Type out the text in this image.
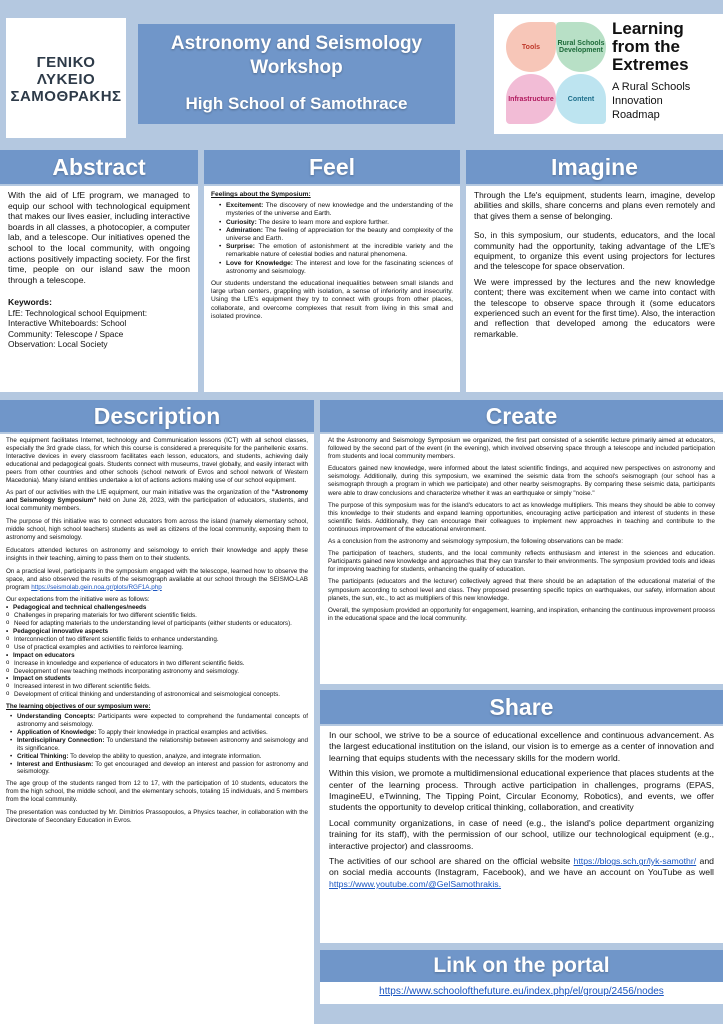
ΓΕΝΙΚΟ
ΛΥΚΕΙΟ
ΣΑΜΟΘΡΑΚΗΣ
Astronomy and Seismology
Workshop
High School of Samothrace
Tools	Rural Schools Development
Infrastructure	Content
Learning
from the
Extremes
A Rural Schools
Innovation
Roadmap
Abstract	Feel	Imagine
With the aid of LfE program, we managed to equip our school with technological equipment that makes our lives easier, including interactive boards in all classes, a photocopier, a computer lab, and a telescope. Our initiatives opened the school to the local community, with ongoing actions positively impacting society. For the first time, people on our island saw the moon through a telescope.
Keywords:
LfE: Technological school Equipment:
Interactive Whiteboards: School
Community: Telescope / Space
Observation: Local Society
Feelings about the Symposium:
• Excitement: The discovery of new knowledge and the understanding of the mysteries of the universe and Earth.
• Curiosity: The desire to learn more and explore further.
• Admiration: The feeling of appreciation for the beauty and complexity of the universe and Earth.
• Surprise: The emotion of astonishment at the incredible variety and the remarkable nature of celestial bodies and natural phenomena.
• Love for Knowledge: The interest and love for the fascinating sciences of astronomy and seismology.
Our students understand the educational inequalities between small islands and large urban centers, grappling with isolation, a sense of inferiority and insecurity. Using the LfE's equipment they try to connect with groups from other places, collaborate, and overcome complexes that result from living in this small and isolated province.
Through the Lfe's equipment, students learn, imagine, develop abilities and skills, share concerns and plans even remotely and that gives them a sense of belonging.
So, in this symposium, our students, educators, and the local community had the opportunity, taking advantage of the LfE's equipment, to organize this event using projectors for lectures and the telescope for space observation.
We were impressed by the lectures and the new knowledge content; there was excitement when we came into contact with the telescope to observe space through it (some educators experienced such an event for the first time). Also, the interaction and reflection that developed among the educators were remarkable.
Description
The equipment facilitates Internet, technology and Communication lessons (ICT) with all school classes, especially the 3rd grade class, for which this course is considered a prerequisite for the panhellenic exams. Interactive devices in every classroom facilitates each lesson, educators, and students, achieving daily educational and pedagogical goals. Students connect with museums, travel globally, and easily interact with peers from other countries and other schools (school network of Evros and school network of Western Macedonia). Many island entities undertake a lot of actions actions making use of our school equipment.
As part of our activities with the LfE equipment, our main initiative was the organization of the "Astronomy and Seismology Symposium" held on June 28, 2023, with the participation of educators, students, and local community members.
The purpose of this initiative was to connect educators from across the island (namely elementary school, middle school, high school teachers) students as well as citizens of the local community, exposing them to astronomy and seismology.
Educators attended lectures on astronomy and seismology to enrich their knowledge and apply these insights in their teaching, aiming to pass them on to their students.
On a practical level, participants in the symposium engaged with the telescope, learned how to observe the space, and also observed the results of the seismograph available at our school through the SEISMO-LAB program https://seismolab.gein.noa.gr/plots/RGF1A.php
Our expectations from the initiative were as follows:
• Pedagogical and technical challenges/needs
o Challenges in preparing materials for two different scientific fields.
o Need for adapting materials to the understanding level of participants (either students or educators).
• Pedagogical innovative aspects
o Interconnection of two different scientific fields to enhance understanding.
o Use of practical examples and activities to reinforce learning.
• Impact on educators
o Increase in knowledge and experience of educators in two different scientific fields.
o Development of new teaching methods incorporating astronomy and seismology.
• Impact on students
o Increased interest in two different scientific fields.
o Development of critical thinking and understanding of astronomical and seismological concepts.
The learning objectives of our symposium were:
• Understanding Concepts: Participants were expected to comprehend the fundamental concepts of astronomy and seismology.
• Application of Knowledge: To apply their knowledge in practical examples and activities.
• Interdisciplinary Connection: To understand the relationship between astronomy and seismology and its significance.
• Critical Thinking: To develop the ability to question, analyze, and integrate information.
• Interest and Enthusiasm: To get encouraged and develop an interest and passion for astronomy and seismology.
The age group of the students ranged from 12 to 17, with the participation of 10 students, educators the from the high school, the middle school, and the elementary schools, totaling 15 individuals, and 5 members from the local community.
The presentation was conducted by Mr. Dimitrios Prassopoulos, a Physics teacher, in collaboration with the Directorate of Secondary Education in Evros.
Create
At the Astronomy and Seismology Symposium we organized, the first part consisted of a scientific lecture primarily aimed at educators, followed by the second part of the event (in the evening), which involved observing space through a telescope and included participation from students and local community members.
Educators gained new knowledge, were informed about the latest scientific findings, and acquired new perspectives on astronomy and seismology. Additionally, during this symposium, we examined the seismic data from the school's seismograph (our school has a seismograph through a program in which we participate) and other nearby seismographs. By comparing these seismic data, participants were able to draw conclusions and characterize whether it was an earthquake or simply "noise."
The purpose of this symposium was for the island's educators to act as knowledge multipliers. This means they should be able to convey this knowledge to their students and expand learning opportunities, encouraging active participation and interest of students in these scientific fields. Additionally, they can encourage their colleagues to implement new approaches in teaching and contribute to the continuous improvement of the educational environment.
As a conclusion from the astronomy and seismology symposium, the following observations can be made:
The participation of teachers, students, and the local community reflects enthusiasm and interest in the sciences and education. Participants gained new knowledge and approaches that they can transfer to their environments. The symposium provided tools and ideas for improving teaching for students, enhancing the quality of education.
The participants (educators and the lecturer) collectively agreed that there should be an adaptation of the educational material of the symposium according to school level and class. They proposed presenting specific topics on earthquakes, our safety, information about planets, the sun, etc., to act as multipliers of this new knowledge.
Overall, the symposium provided an opportunity for engagement, learning, and inspiration, enhancing the continuous improvement process in the educational space and the local community.
Share
In our school, we strive to be a source of educational excellence and continuous advancement. As the largest educational institution on the island, our vision is to emerge as a center of innovation and learning that equips students with the necessary skills for the modern world.
Within this vision, we promote a multidimensional educational experience that places students at the center of the learning process. Through active participation in challenges, programs (EPAS, ImagineEU, eTwinning, The Tipping Point, Circular Economy, Robotics), and events, we offer students the opportunity to develop critical thinking, collaboration, and creativity
Local community organizations, in case of need (e.g., the island's police department organizing training for its staff), with the permission of our school, utilize our technological equipment (e.g., interactive projector) and classrooms.
The activities of our school are shared on the official website https://blogs.sch.gr/lyk-samothr/ and on social media accounts (Instagram, Facebook), and we have an account on YouTube as well https://www.youtube.com/@GelSamothrakis.
Link on the portal
https://www.schoolofthefuture.eu/index.php/el/group/2456/nodes
